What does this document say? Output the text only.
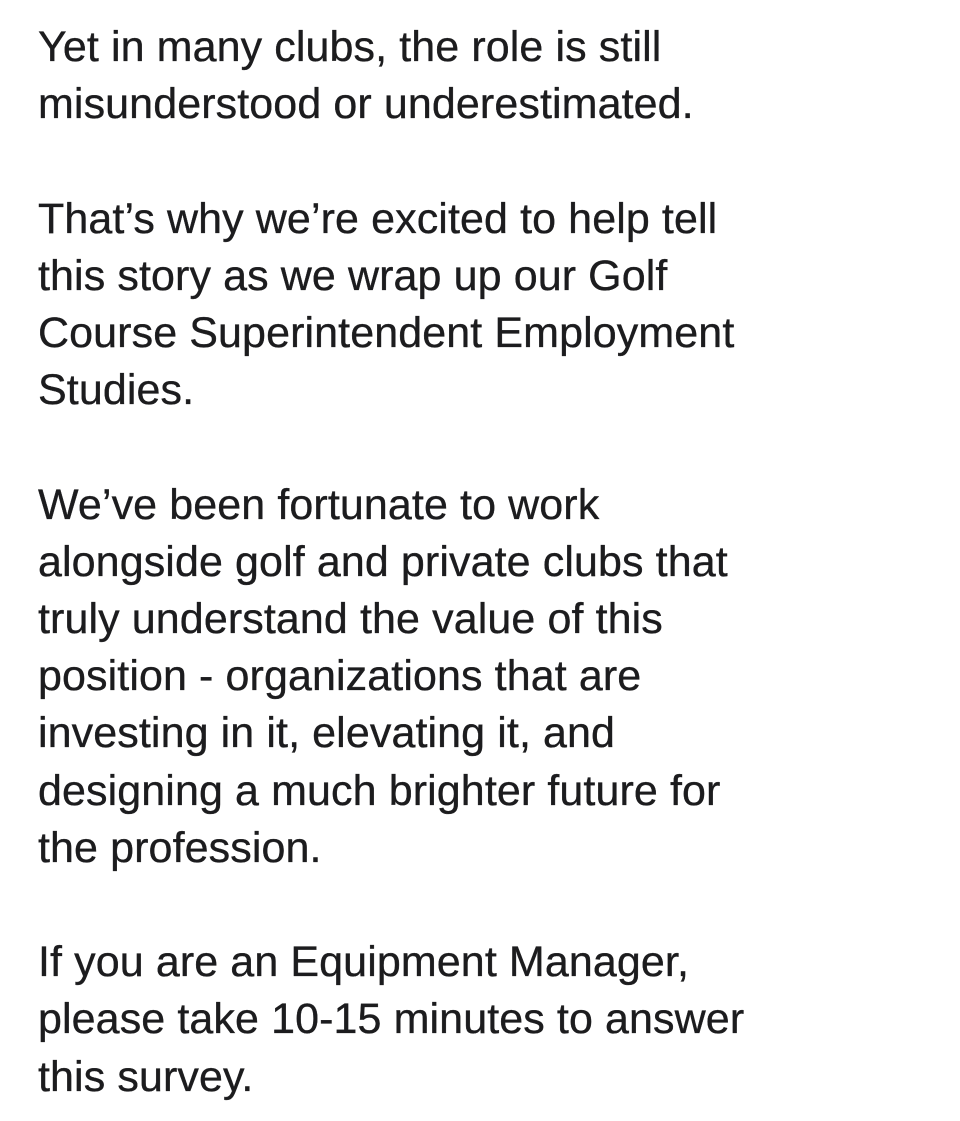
Yet in many clubs, the role is still
misunderstood or underestimated.

That’s why we’re excited to help tell
this story as we wrap up our Golf
Course Superintendent Employment
Studies.

We’ve been fortunate to work
alongside golf and private clubs that
truly understand the value of this
position - organizations that are
investing in it, elevating it, and
designing a much brighter future for
the profession.

If you are an Equipment Manager,
please take 10-15 minutes to answer
this survey.
